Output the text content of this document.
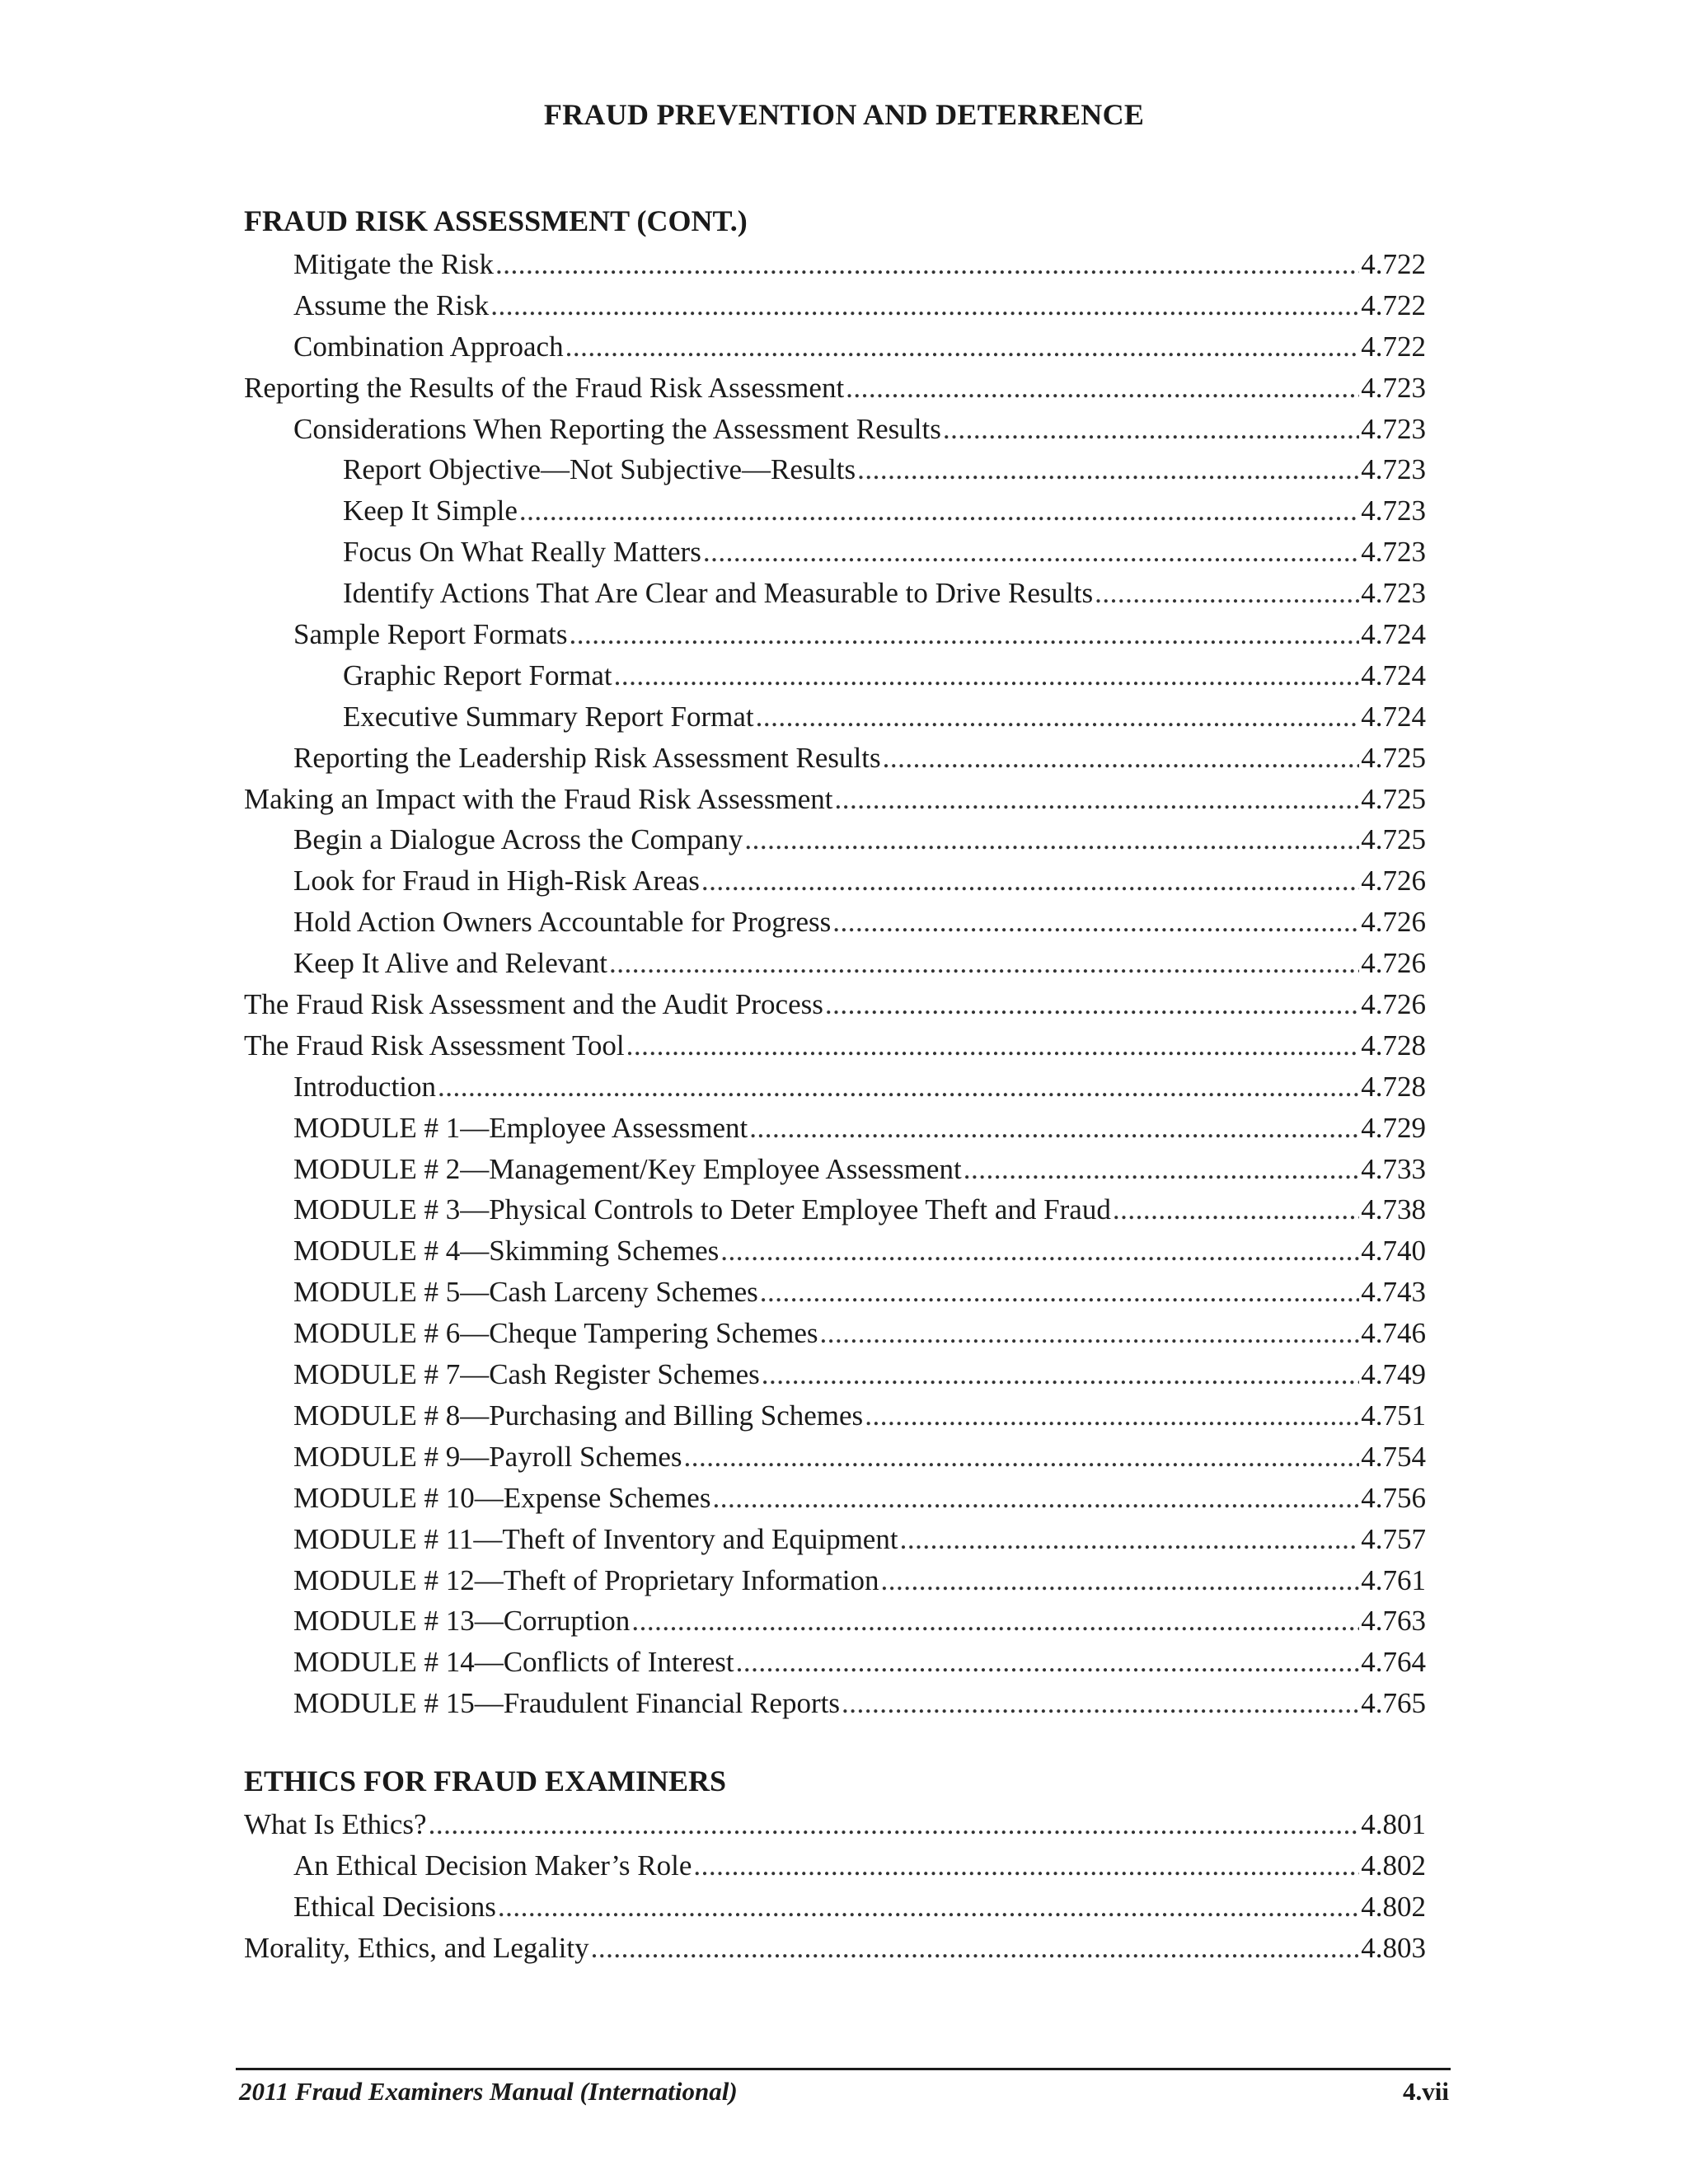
FRAUD PREVENTION AND DETERRENCE
FRAUD RISK ASSESSMENT (CONT.)
Mitigate the Risk .....	4.722
Assume the Risk .....	4.722
Combination Approach .....	4.722
Reporting the Results of the Fraud Risk Assessment .....	4.723
Considerations When Reporting the Assessment Results .....	4.723
Report Objective—Not Subjective—Results .....	4.723
Keep It Simple .....	4.723
Focus On What Really Matters .....	4.723
Identify Actions That Are Clear and Measurable to Drive Results .....	4.723
Sample Report Formats .....	4.724
Graphic Report Format .....	4.724
Executive Summary Report Format .....	4.724
Reporting the Leadership Risk Assessment Results .....	4.725
Making an Impact with the Fraud Risk Assessment .....	4.725
Begin a Dialogue Across the Company .....	4.725
Look for Fraud in High-Risk Areas .....	4.726
Hold Action Owners Accountable for Progress .....	4.726
Keep It Alive and Relevant .....	4.726
The Fraud Risk Assessment and the Audit Process .....	4.726
The Fraud Risk Assessment Tool .....	4.728
Introduction .....	4.728
MODULE # 1—Employee Assessment .....	4.729
MODULE # 2—Management/Key Employee Assessment .....	4.733
MODULE # 3—Physical Controls to Deter Employee Theft and Fraud .....	4.738
MODULE # 4—Skimming Schemes .....	4.740
MODULE # 5—Cash Larceny Schemes .....	4.743
MODULE # 6—Cheque Tampering Schemes .....	4.746
MODULE # 7—Cash Register Schemes .....	4.749
MODULE # 8—Purchasing and Billing Schemes .....	4.751
MODULE # 9—Payroll Schemes .....	4.754
MODULE # 10—Expense Schemes .....	4.756
MODULE # 11—Theft of Inventory and Equipment .....	4.757
MODULE # 12—Theft of Proprietary Information .....	4.761
MODULE # 13—Corruption .....	4.763
MODULE # 14—Conflicts of Interest .....	4.764
MODULE # 15—Fraudulent Financial Reports .....	4.765
ETHICS FOR FRAUD EXAMINERS
What Is Ethics? .....	4.801
An Ethical Decision Maker’s Role .....	4.802
Ethical Decisions .....	4.802
Morality, Ethics, and Legality .....	4.803
2011 Fraud Examiners Manual (International)	4.vii
